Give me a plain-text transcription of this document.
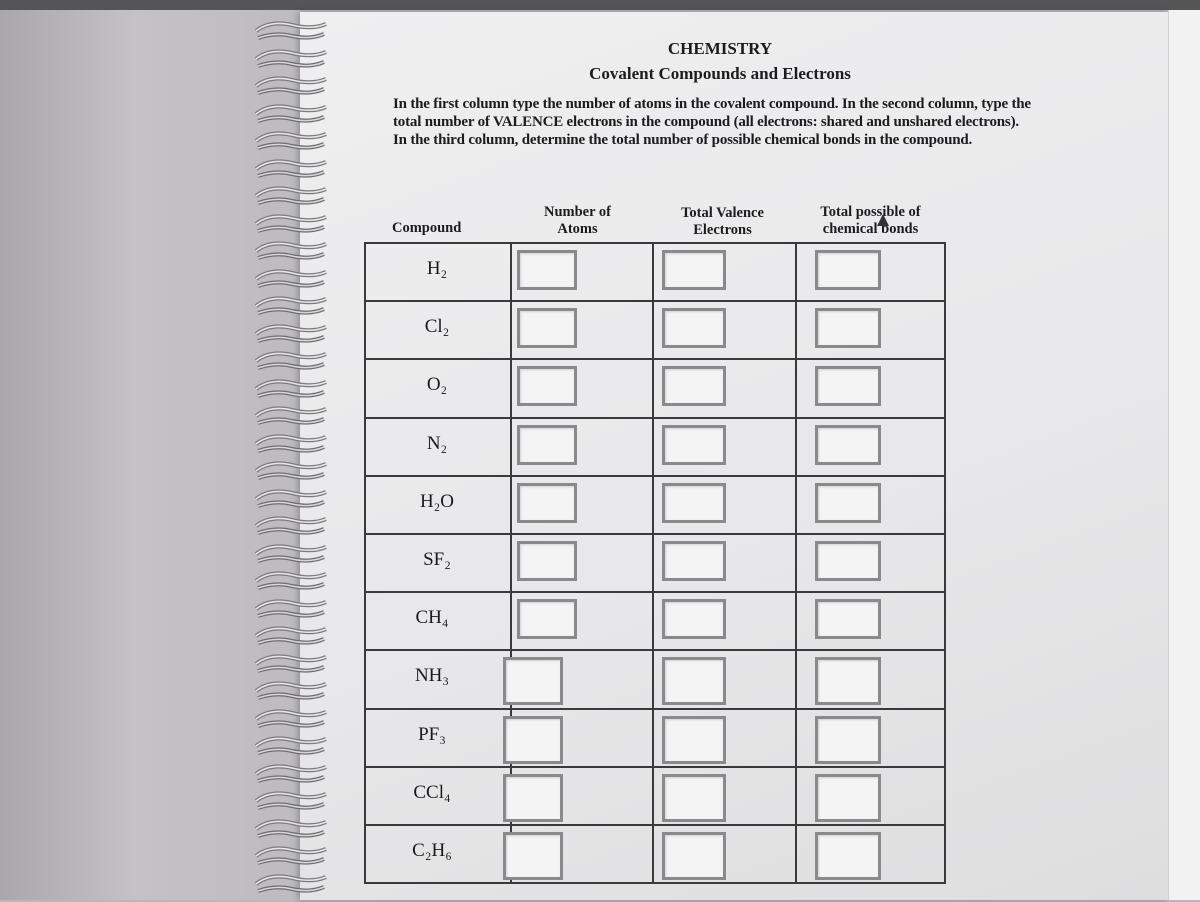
CHEMISTRY
Covalent Compounds and Electrons
In the first column type the number of atoms in the covalent compound. In the second column, type the total number of VALENCE electrons in the compound (all electrons: shared and unshared electrons). In the third column, determine the total number of possible chemical bonds in the compound.
Compound
Number of
Atoms
Total Valence
Electrons
Total possible of
chemical bonds
H₂
Cl₂
O₂
N₂
H₂O
SF₂
CH₄
NH₃
PF₃
CCl₄
C₂H₆
